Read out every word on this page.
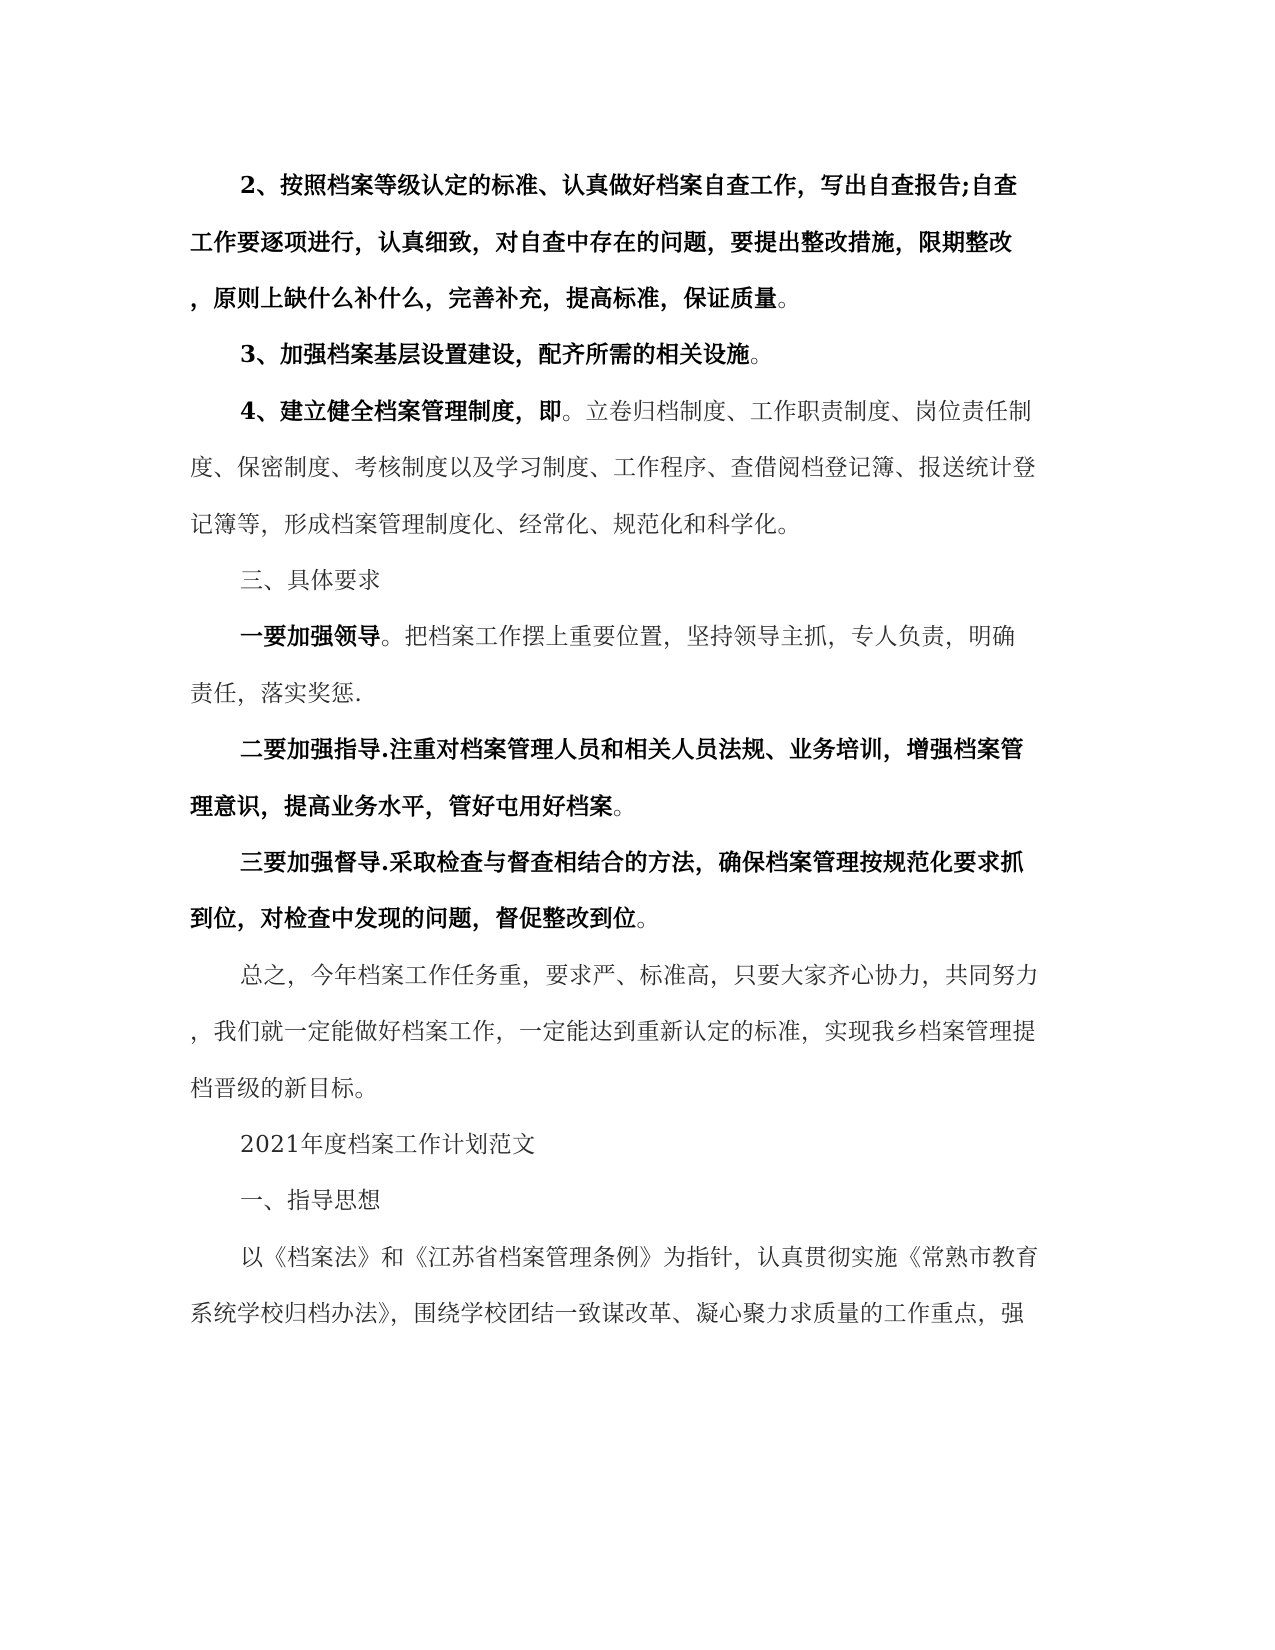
2、按照档案等级认定的标准、认真做好档案自查工作，写出自查报告;自查
工作要逐项进行，认真细致，对自查中存在的问题，要提出整改措施，限期整改
，原则上缺什么补什么，完善补充，提高标准，保证质量。
3、加强档案基层设置建设，配齐所需的相关设施。
4、建立健全档案管理制度，即。立卷归档制度、工作职责制度、岗位责任制
度、保密制度、考核制度以及学习制度、工作程序、查借阅档登记簿、报送统计登
记簿等，形成档案管理制度化、经常化、规范化和科学化。
三、具体要求
一要加强领导。把档案工作摆上重要位置，坚持领导主抓，专人负责，明确
责任，落实奖惩.
二要加强指导.注重对档案管理人员和相关人员法规、业务培训，增强档案管
理意识，提高业务水平，管好屯用好档案。
三要加强督导.采取检查与督查相结合的方法，确保档案管理按规范化要求抓
到位，对检查中发现的问题，督促整改到位。
总之，今年档案工作任务重，要求严、标准高，只要大家齐心协力，共同努力
，我们就一定能做好档案工作，一定能达到重新认定的标准，实现我乡档案管理提
档晋级的新目标。
2021年度档案工作计划范文
一、指导思想
以《档案法》和《江苏省档案管理条例》为指针，认真贯彻实施《常熟市教育
系统学校归档办法》，围绕学校团结一致谋改革、凝心聚力求质量的工作重点，强
